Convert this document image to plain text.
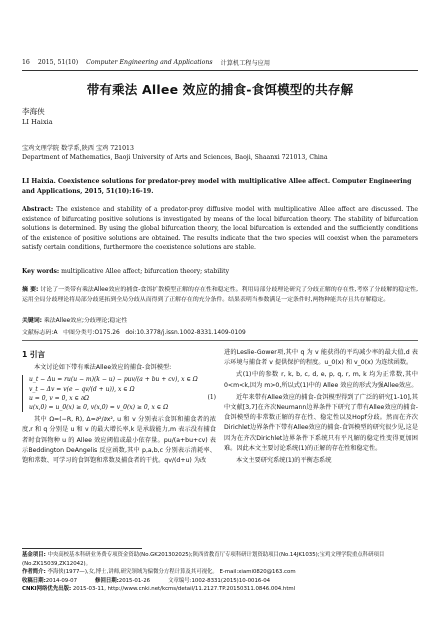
16 2015, 51(10) Computer Engineering and Applications 计算机工程与应用
带有乘法 Allee 效应的捕食-食饵模型的共存解
李海侠
LI Haixia
宝鸡文理学院 数学系,陕西 宝鸡 721013
Department of Mathematics, Baoji University of Arts and Sciences, Baoji, Shaanxi 721013, China
LI Haixia. Coexistence solutions for predator-prey model with multiplicative Allee affect. Computer Engineering and Applications, 2015, 51(10):16-19.
Abstract: The existence and stability of a predator-prey diffusive model with multiplicative Allee affect are discussed. The existence of bifurcating positive solutions is investigated by means of the local bifurcation theory. The stability of bifurcation solutions is determined. By using the global bifurcation theory, the local bifurcation is extended and the sufficiently conditions of the existence of positive solutions are obtained. The results indicate that the two species will coexist when the parameters satisfy certain conditions, furthermore the coexistence solutions are stable.
Key words: multiplicative Allee affect; bifurcation theory; stability
摘 要: 讨论了一类带有乘法Allee效应的捕食-食饵扩散模型正解的存在性和稳定性。利用局部分歧理论研究了分歧正解的存在性,考察了分歧解的稳定性,运用全局分歧理论将局部分歧延拓到全局分歧从而得到了正解存在的充分条件。结果表明当参数满足一定条件时,两物种能共存且共存解稳定。
关键词: 乘法Allee效应;分歧理论;稳定性
文献标志码:A 中图分类号:O175.26 doi:10.3778/j.issn.1002-8331.1409-0109
1 引言

本文讨论如下带有乘法Allee效应的捕食-食饵模型:

u_t − Δu = ru(u − m)(k − u) − puv/(a + bu + cv), x ∈ Ω
v_t − Δv = v(e − qv/(d + u)), x ∈ Ω
u = 0, v = 0, x ∈ ∂Ω
u(x,0) = u_0(x) ≥ 0, v(x,0) = v_0(x) ≥ 0, x ∈ Ω
(1)

其中 Ω=(−R, R), Δ=∂²/∂x², u 和 v 分别表示食饵和捕食者的浓度,r 和 q 分别是 u 和 v 的最大增长率,k 是承载能力,m 表示没有捕食者时食饵物种 u 的 Allee 效应阈值或最小依存量。pu/(a+bu+cv) 表示Beddington DeAngelis 反应函数,其中 p,a,b,c 分别表示消耗率、饱和常数、可学习的食饵饱和常数及捕食者的干扰。qv/(d+u) 为改

进的Leslie-Gower项,其中 q 为 v 能获得的平均减少率的最大值,d 表示环境与捕食者 v 提供保护的程度。u_0(x) 和 v_0(x) 为连续函数。

式(1)中的参数 r, k, b, c, d, e, p, q, r, m, k 均为正常数,其中 0<m<k,因为 m>0,所以式(1)中的 Allee 效应的形式为强Allee效应。

近年来带有Allee效应的捕食-食饵模型得到了广泛的研究[1-10],其中文献[3,7]在齐次Neumann边界条件下研究了带有Allee效应的捕食-食饵模型的非常数正解的存在性、稳定性以及Hopf分歧。然而在齐次Dirichlet边界条件下带有Allee效应的捕食-食饵模型的研究很少见,这是因为在齐次Dirichlet边界条件下系统只有平凡解的稳定性变得更加困难。因此本文主要讨论系统(1)的正解的存在性和稳定性。

本文主要研究系统(1)的平衡态系统

基金项目: 中央高校基本科研业务费专项资金资助(No.GK201302025);陕西省教育厅专项科研计划资助项目(No.14JK1035);宝鸡文理学院重点科研项目(No.ZK15039,ZK12042)。
作者简介: 李海侠(1977—),女,博士,讲师,研究领域为偏微分方程计算及其可视化。 E-mail:xiami0820@163.com
收稿日期:2014-09-07	修回日期:2015-01-26	文章编号:1002-8331(2015)10-0016-04
CNKI网络优先出版: 2015-03-11, http://www.cnki.net/kcms/detail/11.2127.TP.20150311.0846.004.html
